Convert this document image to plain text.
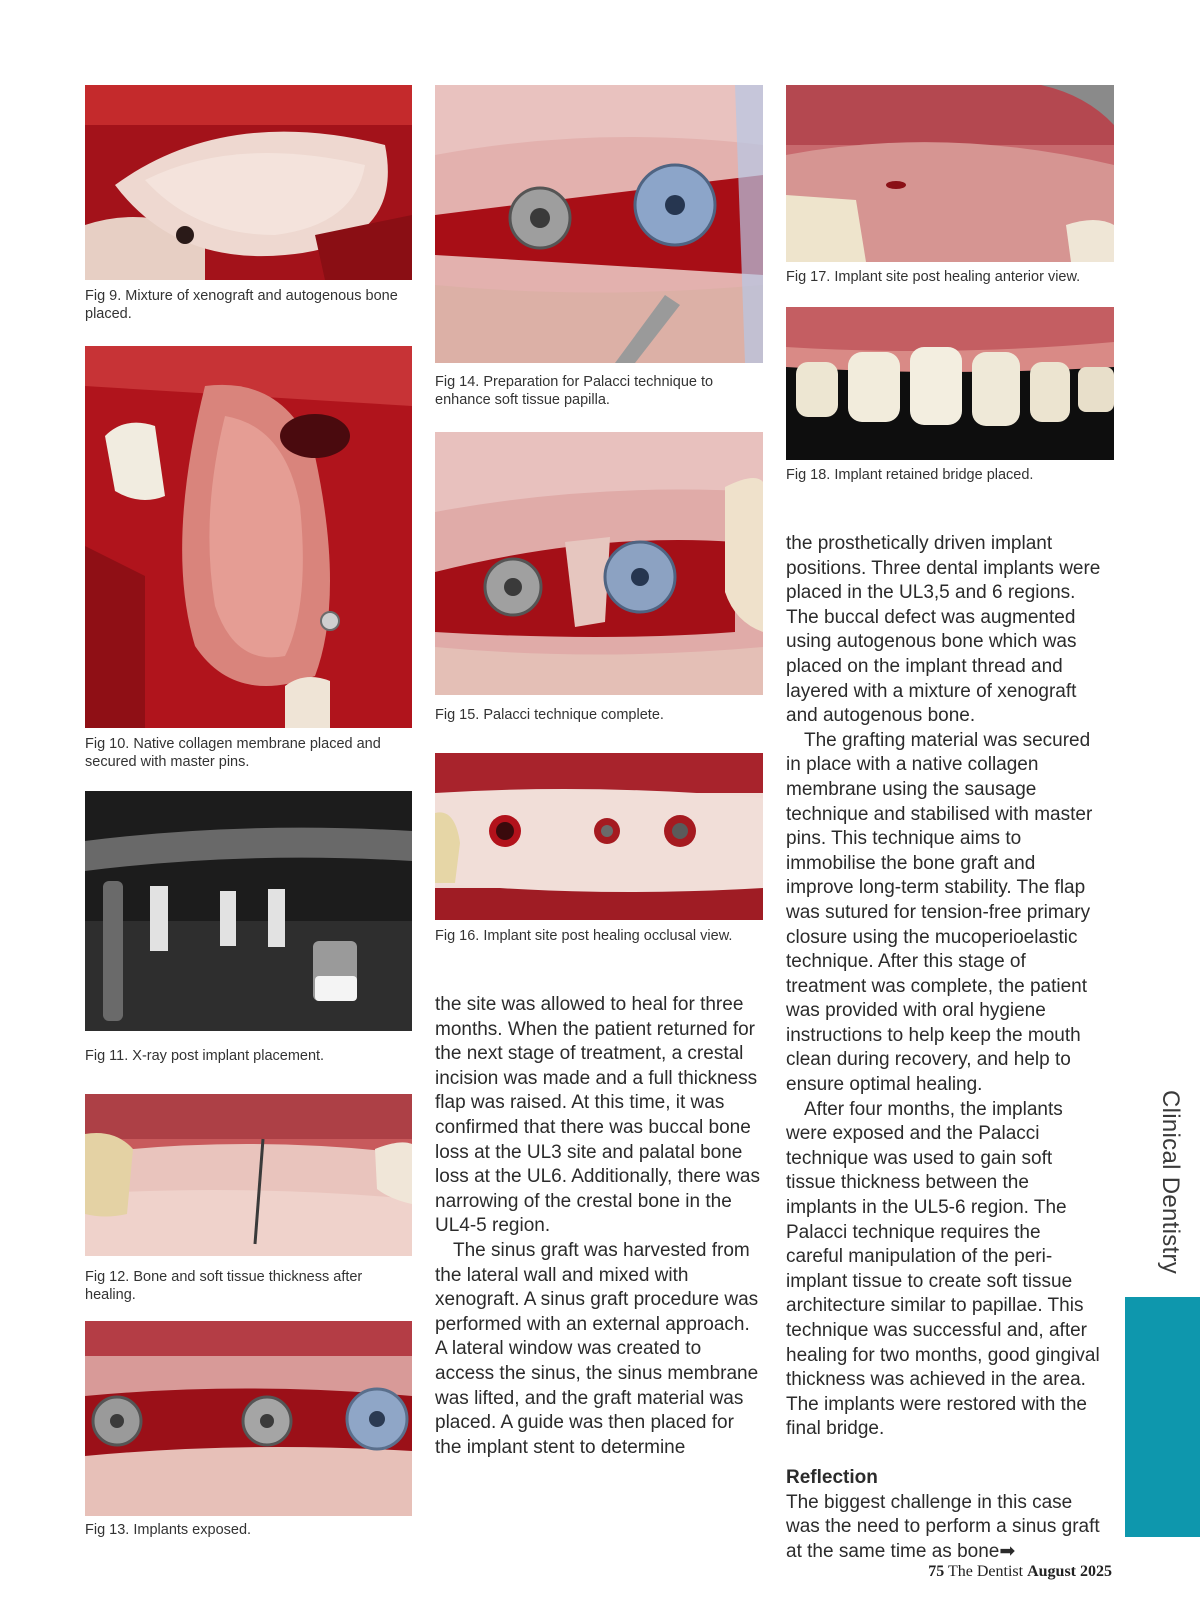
Fig 9. Mixture of xenograft and autogenous bone placed.
Fig 10. Native collagen membrane placed and secured with master pins.
Fig 11. X-ray post implant placement.
Fig 12. Bone and soft tissue thickness after healing.
Fig 13. Implants exposed.
Fig 14. Preparation for Palacci technique to enhance soft tissue papilla.
Fig 15. Palacci technique complete.
Fig 16. Implant site post healing occlusal view.

the site was allowed to heal for three months. When the patient returned for the next stage of treatment, a crestal incision was made and a full thickness flap was raised. At this time, it was confirmed that there was buccal bone loss at the UL3 site and palatal bone loss at the UL6. Additionally, there was narrowing of the crestal bone in the UL4-5 region.

The sinus graft was harvested from the lateral wall and mixed with xenograft. A sinus graft procedure was performed with an external approach. A lateral window was created to access the sinus, the sinus membrane was lifted, and the graft material was placed. A guide was then placed for the implant stent to determine

Fig 17. Implant site post healing anterior view.
Fig 18. Implant retained bridge placed.

the prosthetically driven implant positions. Three dental implants were placed in the UL3,5 and 6 regions. The buccal defect was augmented using autogenous bone which was placed on the implant thread and layered with a mixture of xenograft and autogenous bone.

The grafting material was secured in place with a native collagen membrane using the sausage technique and stabilised with master pins. This technique aims to immobilise the bone graft and improve long-term stability. The flap was sutured for tension-free primary closure using the mucoperioelastic technique. After this stage of treatment was complete, the patient was provided with oral hygiene instructions to help keep the mouth clean during recovery, and help to ensure optimal healing.

After four months, the implants were exposed and the Palacci technique was used to gain soft tissue thickness between the implants in the UL5-6 region. The Palacci technique requires the careful manipulation of the peri-implant tissue to create soft tissue architecture similar to papillae. This technique was successful and, after healing for two months, good gingival thickness was achieved in the area. The implants were restored with the final bridge.

Reflection

The biggest challenge in this case was the need to perform a sinus graft at the same time as bone➡

Clinical Dentistry
75 The Dentist August 2025
